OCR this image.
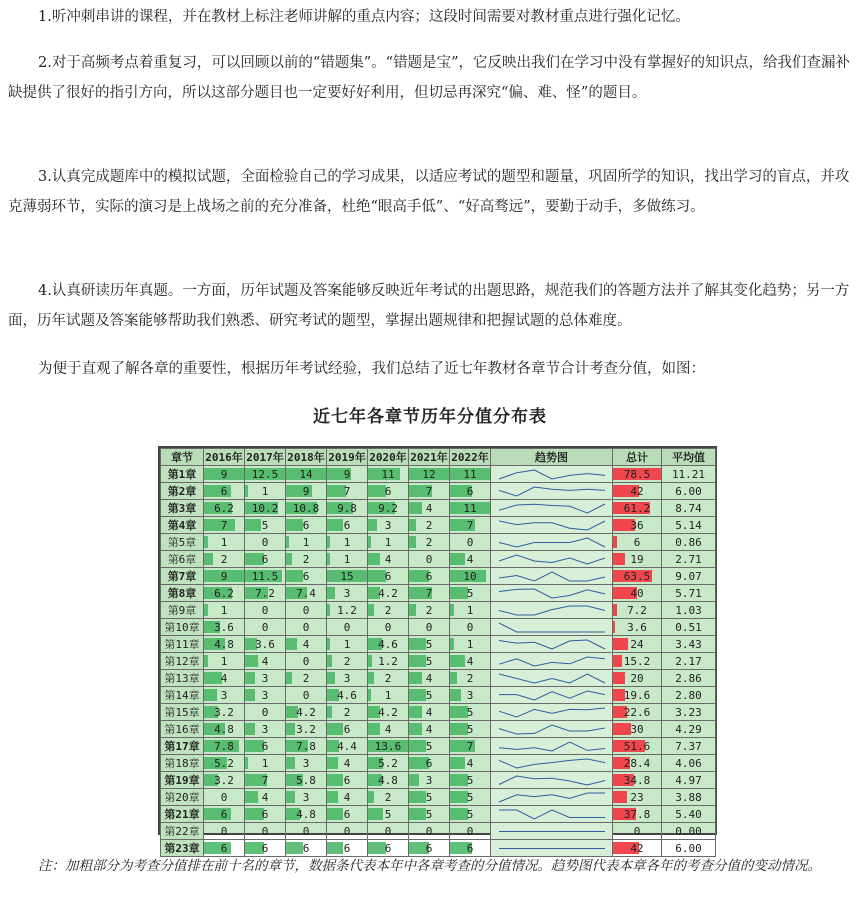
1.听冲刺串讲的课程，并在教材上标注老师讲解的重点内容；这段时间需要对教材重点进行强化记忆。
2.对于高频考点着重复习，可以回顾以前的“错题集”。“错题是宝”，它反映出我们在学习中没有掌握好的知识点，给我们查漏补缺提供了很好的指引方向，所以这部分题目也一定要好好利用，但切忌再深究“偏、难、怪”的题目。
3.认真完成题库中的模拟试题，全面检验自己的学习成果，以适应考试的题型和题量，巩固所学的知识，找出学习的盲点，并攻克薄弱环节，实际的演习是上战场之前的充分准备，杜绝“眼高手低”、“好高骛远”，要勤于动手，多做练习。
4.认真研读历年真题。一方面，历年试题及答案能够反映近年考试的出题思路，规范我们的答题方法并了解其变化趋势；另一方面，历年试题及答案能够帮助我们熟悉、研究考试的题型，掌握出题规律和把握试题的总体难度。
为便于直观了解各章的重要性，根据历年考试经验，我们总结了近七年教材各章节合计考查分值，如图：
近七年各章节历年分值分布表
章节	2016年	2017年	2018年	2019年	2020年	2021年	2022年	趋势图	总计	平均值
第1章	9	12.5	14	9	11	12	11		78.5	11.21
第2章	6	1	9	7	6	7	6		42	6.00
第3章	6.2	10.2	10.8	9.8	9.2	4	11		61.2	8.74
第4章	7	5	6	6	3	2	7		36	5.14
第5章	1	0	1	1	1	2	0		6	0.86
第6章	2	6	2	1	4	0	4		19	2.71
第7章	9	11.5	6	15	6	6	10		63.5	9.07
第8章	6.2	7.2	7.4	3	4.2	7	5		40	5.71
第9章	1	0	0	1.2	2	2	1		7.2	1.03
第10章	3.6	0	0	0	0	0	0		3.6	0.51
第11章	4.8	3.6	4	1	4.6	5	1		24	3.43
第12章	1	4	0	2	1.2	5	4		15.2	2.17
第13章	4	3	2	3	2	4	2		20	2.86
第14章	3	3	0	4.6	1	5	3		19.6	2.80
第15章	3.2	0	4.2	2	4.2	4	5		22.6	3.23
第16章	4.8	3	3.2	6	4	4	5		30	4.29
第17章	7.8	6	7.8	4.4	13.6	5	7		51.6	7.37
第18章	5.2	1	3	4	5.2	6	4		28.4	4.06
第19章	3.2	7	5.8	6	4.8	3	5		34.8	4.97
第20章	0	4	3	4	2	5	5		23	3.88
第21章	6	6	4.8	6	5	5	5		37.8	5.40
第22章	0	0	0	0	0	0	0		0	0.00
第23章	6	6	6	6	6	6	6		42	6.00
注：加粗部分为考查分值排在前十名的章节，数据条代表本年中各章考查的分值情况。趋势图代表本章各年的考查分值的变动情况。
